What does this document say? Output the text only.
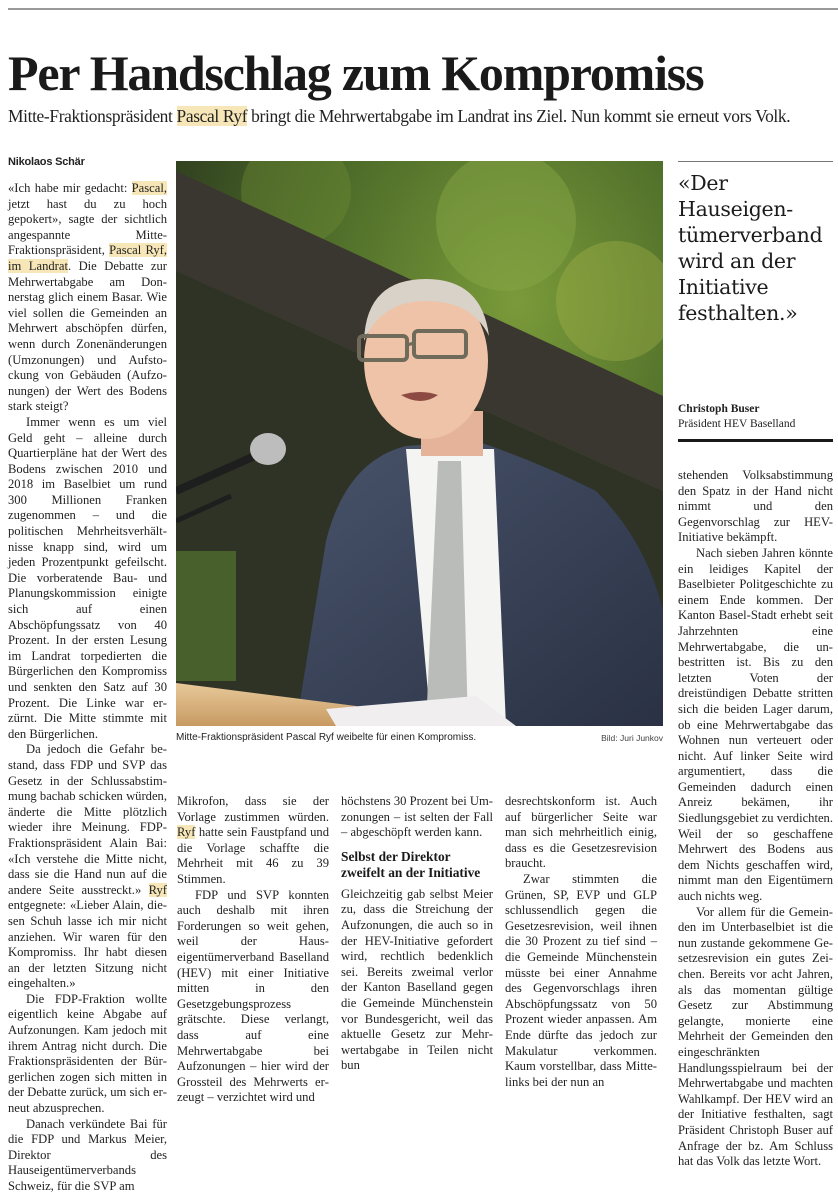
Per Handschlag zum Kompromiss

Mitte-Fraktionspräsident Pascal Ryf bringt die Mehrwertabgabe im Landrat ins Ziel. Nun kommt sie erneut vors Volk.

Nikolaos Schär

«Ich habe mir gedacht: Pascal, jetzt hast du zu hoch gepokert», sagte der sichtlich angespannte Mitte-Fraktionspräsident, Pascal Ryf, im Landrat. Die Debatte zur Mehrwertabgabe am Donnerstag glich einem Basar. Wie viel sollen die Gemeinden an Mehrwert abschöpfen dürfen, wenn durch Zonenänderungen (Umzonungen) und Aufstockung von Gebäuden (Aufzonungen) der Wert des Bodens stark steigt?

Immer wenn es um viel Geld geht – alleine durch Quartierpläne hat der Wert des Bodens zwischen 2010 und 2018 im Baselbiet um rund 300 Millionen Franken zugenommen – und die politischen Mehrheitsverhältnisse knapp sind, wird um jeden Prozentpunkt gefeilscht. Die vorberatende Bau- und Planungskommission einigte sich auf einen Abschöpfungssatz von 40 Prozent. In der ersten Lesung im Landrat torpedierten die Bürgerlichen den Kompromiss und senkten den Satz auf 30 Prozent. Die Linke war erzürnt. Die Mitte stimmte mit den Bürgerlichen.

Da jedoch die Gefahr bestand, dass FDP und SVP das Gesetz in der Schlussabstimmung bachab schicken würden, änderte die Mitte plötzlich wieder ihre Meinung. FDP-Fraktionspräsident Alain Bai: «Ich verstehe die Mitte nicht, dass sie die Hand nun auf die andere Seite ausstreckt.» Ryf entgegnete: «Lieber Alain, diesen Schuh lasse ich mir nicht anziehen. Wir waren für den Kompromiss. Ihr habt diesen an der letzten Sitzung nicht eingehalten.»

Die FDP-Fraktion wollte eigentlich keine Abgabe auf Aufzonungen. Kam jedoch mit ihrem Antrag nicht durch. Die Fraktionspräsidenten der Bürgerlichen zogen sich mitten in der Debatte zurück, um sich erneut abzusprechen.

Danach verkündete Bai für die FDP und Markus Meier, Direktor des Hauseigentümerverbands Schweiz, für die SVP am

Mitte-Fraktionspräsident Pascal Ryf weibelte für einen Kompromiss.	Bild: Juri Junkov
«Der Hauseigentümerverband wird an der Initiative festhalten.»
Christoph Buser
Präsident HEV Baselland

Mikrofon, dass sie der Vorlage zustimmen würden. Ryf hatte sein Faustpfand und die Vorlage schaffte die Mehrheit mit 46 zu 39 Stimmen.

FDP und SVP konnten auch deshalb mit ihren Forderungen so weit gehen, weil der Hauseigentümerverband Baselland (HEV) mit einer Initiative mitten in den Gesetzgebungsprozess grätschte. Diese verlangt, dass auf eine Mehrwertabgabe bei Aufzonungen – hier wird der Grossteil des Mehrwerts erzeugt – verzichtet wird und

höchstens 30 Prozent bei Umzonungen – ist selten der Fall – abgeschöpft werden kann.

Selbst der Direktor zweifelt an der Initiative

Gleichzeitig gab selbst Meier zu, dass die Streichung der Aufzonungen, die auch so in der HEV-Initiative gefordert wird, rechtlich bedenklich sei. Bereits zweimal verlor der Kanton Baselland gegen die Gemeinde Münchenstein vor Bundesgericht, weil das aktuelle Gesetz zur Mehrwertabgabe in Teilen nicht bun

desrechtskonform ist. Auch auf bürgerlicher Seite war man sich mehrheitlich einig, dass es die Gesetzesrevision braucht.

Zwar stimmten die Grünen, SP, EVP und GLP schlussendlich gegen die Gesetzesrevision, weil ihnen die 30 Prozent zu tief sind – die Gemeinde Münchenstein müsste bei einer Annahme des Gegenvorschlags ihren Abschöpfungssatz von 50 Prozent wieder anpassen. Am Ende dürfte das jedoch zur Makulatur verkommen. Kaum vorstellbar, dass Mitte-links bei der nun an

stehenden Volksabstimmung den Spatz in der Hand nicht nimmt und den Gegenvorschlag zur HEV-Initiative bekämpft.

Nach sieben Jahren könnte ein leidiges Kapitel der Baselbieter Politgeschichte zu einem Ende kommen. Der Kanton Basel-Stadt erhebt seit Jahrzehnten eine Mehrwertabgabe, die unbestritten ist. Bis zu den letzten Voten der dreistündigen Debatte stritten sich die beiden Lager darum, ob eine Mehrwertabgabe das Wohnen nun verteuert oder nicht. Auf linker Seite wird argumentiert, dass die Gemeinden dadurch einen Anreiz bekämen, ihr Siedlungsgebiet zu verdichten. Weil der so geschaffene Mehrwert des Bodens aus dem Nichts geschaffen wird, nimmt man den Eigentümern auch nichts weg.

Vor allem für die Gemeinden im Unterbaselbiet ist die nun zustande gekommene Gesetzesrevision ein gutes Zeichen. Bereits vor acht Jahren, als das momentan gültige Gesetz zur Abstimmung gelangte, monierte eine Mehrheit der Gemeinden den eingeschränkten Handlungsspielraum bei der Mehrwertabgabe und machten Wahlkampf. Der HEV wird an der Initiative festhalten, sagt Präsident Christoph Buser auf Anfrage der bz. Am Schluss hat das Volk das letzte Wort.
